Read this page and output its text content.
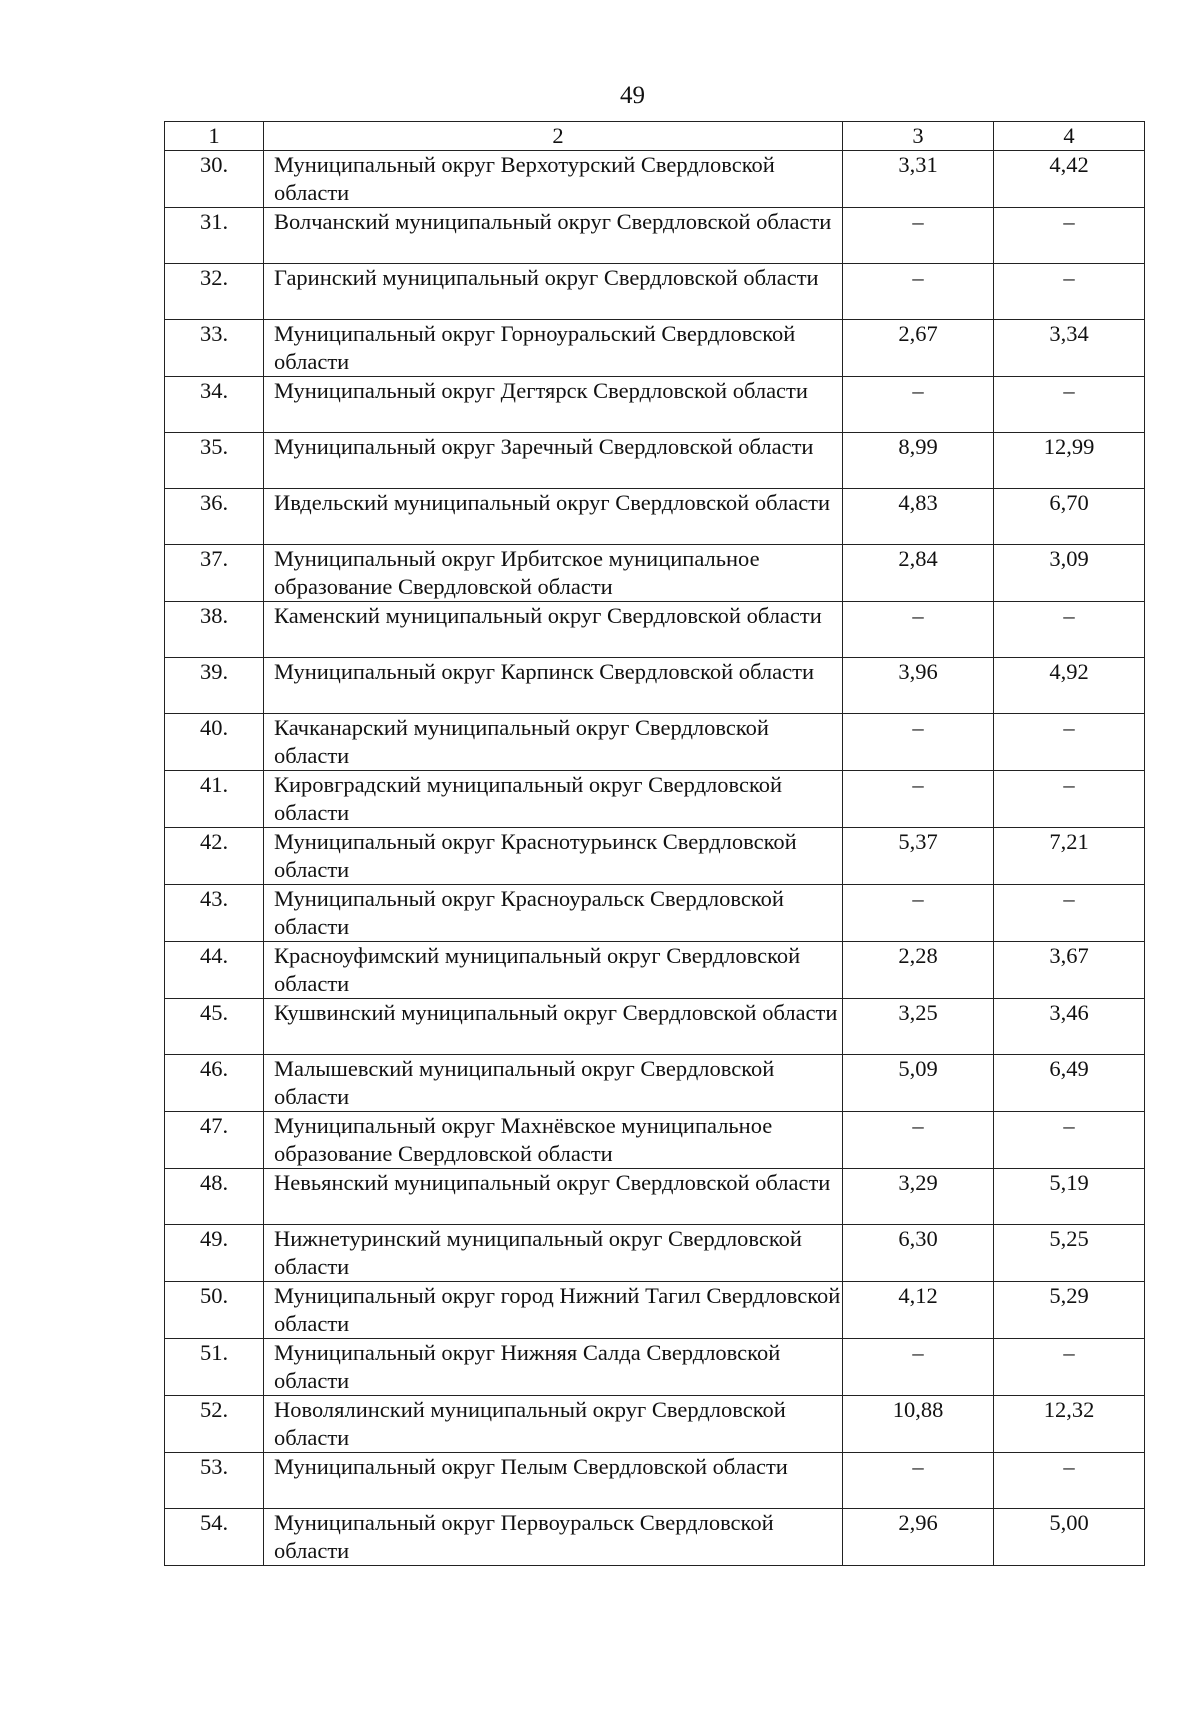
49
1	2	3	4
30.	Муниципальный округ Верхотурский Свердловской области	3,31	4,42
31.	Волчанский муниципальный округ Свердловской области	–	–
32.	Гаринский муниципальный округ Свердловской области	–	–
33.	Муниципальный округ Горноуральский Свердловской области	2,67	3,34
34.	Муниципальный округ Дегтярск Свердловской области	–	–
35.	Муниципальный округ Заречный Свердловской области	8,99	12,99
36.	Ивдельский муниципальный округ Свердловской области	4,83	6,70
37.	Муниципальный округ Ирбитское муниципальное образование Свердловской области	2,84	3,09
38.	Каменский муниципальный округ Свердловской области	–	–
39.	Муниципальный округ Карпинск Свердловской области	3,96	4,92
40.	Качканарский муниципальный округ Свердловской области	–	–
41.	Кировградский муниципальный округ Свердловской области	–	–
42.	Муниципальный округ Краснотурьинск Свердловской области	5,37	7,21
43.	Муниципальный округ Красноуральск Свердловской области	–	–
44.	Красноуфимский муниципальный округ Свердловской области	2,28	3,67
45.	Кушвинский муниципальный округ Свердловской области	3,25	3,46
46.	Малышевский муниципальный округ Свердловской области	5,09	6,49
47.	Муниципальный округ Махнёвское муниципальное образование Свердловской области	–	–
48.	Невьянский муниципальный округ Свердловской области	3,29	5,19
49.	Нижнетуринский муниципальный округ Свердловской области	6,30	5,25
50.	Муниципальный округ город Нижний Тагил Свердловской области	4,12	5,29
51.	Муниципальный округ Нижняя Салда Свердловской области	–	–
52.	Новолялинский муниципальный округ Свердловской области	10,88	12,32
53.	Муниципальный округ Пелым Свердловской области	–	–
54.	Муниципальный округ Первоуральск Свердловской области	2,96	5,00
